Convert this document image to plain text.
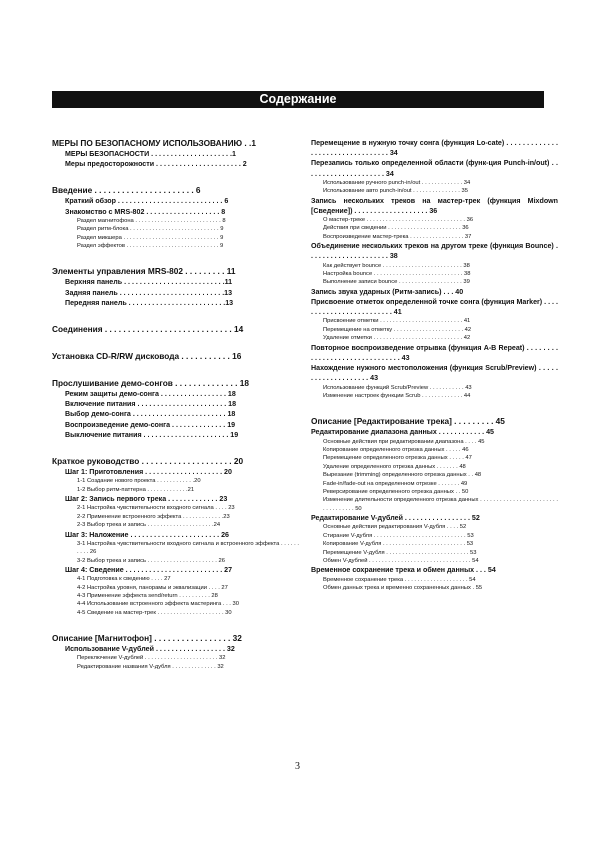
Содержание
МЕРЫ ПО БЕЗОПАСНОМУ ИСПОЛЬЗОВАНИЮ . .1
МЕРЫ БЕЗОПАСНОСТИ . . . . . . . . . . . . . . . . . . . . .1
Меры предосторожности . . . . . . . . . . . . . . . . . . . . . . 2
Введение . . . . . . . . . . . . . . . . . . . . . . 6
Краткий обзор . . . . . . . . . . . . . . . . . . . . . . . . . . . 6
Знакомство с MRS-802 . . . . . . . . . . . . . . . . . . . 8
Раздел магнитофона . . . . . . . . . . . . . . . . . . . . . . . . . . . 8
Раздел ритм-блока . . . . . . . . . . . . . . . . . . . . . . . . . . . . 9
Раздел микшера . . . . . . . . . . . . . . . . . . . . . . . . . . . . . . 9
Раздел эффектов . . . . . . . . . . . . . . . . . . . . . . . . . . . . . 9
Элементы управления MRS-802 . . . . . . . . . 11
Верхняя панель . . . . . . . . . . . . . . . . . . . . . . . . . .11
Задняя панель . . . . . . . . . . . . . . . . . . . . . . . . . . .13
Передняя панель . . . . . . . . . . . . . . . . . . . . . . . . .13
Соединения . . . . . . . . . . . . . . . . . . . . . . . . . . . . 14
Установка CD-R/RW дисковода . . . . . . . . . . . 16
Прослушивание демо-сонгов . . . . . . . . . . . . . . 18
Режим защиты демо-сонга . . . . . . . . . . . . . . . . . 18
Включение питания . . . . . . . . . . . . . . . . . . . . . . . 18
Выбор демо-сонга . . . . . . . . . . . . . . . . . . . . . . . . 18
Воспроизведение демо-сонга . . . . . . . . . . . . . . 19
Выключение питания . . . . . . . . . . . . . . . . . . . . . . 19
Краткое руководство . . . . . . . . . . . . . . . . . . . . 20
Шаг 1: Приготовления . . . . . . . . . . . . . . . . . . . . 20
1-1 Создание нового проекта . . . . . . . . . . . .20
1-2 Выбор ритм-паттерна . . . . . . . . . . . . .21
Шаг 2: Запись первого трека . . . . . . . . . . . . . 23
2-1 Настройка чувствительности входного сигнала . . . . 23
2-2 Применение встроенного эффекта . . . . . . . . . . . . .23
2-3 Выбор трека и запись . . . . . . . . . . . . . . . . . . . . .24
Шаг 3: Наложение . . . . . . . . . . . . . . . . . . . . . . . 26
3-1 Настройка чувствительности входного сигнала и встроенного эффекта . . . . . . . . . . 26
3-2 Выбор трека и запись . . . . . . . . . . . . . . . . . . . . . . 26
Шаг 4: Сведение . . . . . . . . . . . . . . . . . . . . . . . . . 27
4-1 Подготовка к сведению . . . . 27
4-2 Настройка уровня, панорамы и эквализации . . . . 27
4-3 Применение эффекта send/return . . . . . . . . . . 28
4-4 Использование встроенного эффекта мастеринга . . . 30
4-5 Сведение на мастер-трек . . . . . . . . . . . . . . . . . . . . . 30
Описание [Магнитофон] . . . . . . . . . . . . . . . . . 32
Использование V-дублей . . . . . . . . . . . . . . . . . . 32
Переключение V-дублей . . . . . . . . . . . . . . . . . . . . . . . 32
Редактирование названия V-дубля . . . . . . . . . . . . . . 32
Перемещение в нужную точку сонга (функция Lo-cate) . . . . . . . . . . . . . . . . . . . . . . . . . . . . . . . . . 34
Перезапись только определенной области (функ-ция Punch-in/out) . . . . . . . . . . . . . . . . . . . . . 34
Использование ручного punch-in/out . . . . . . . . . . . . . 34
Использование авто punch-in/out . . . . . . . . . . . . . . . 35
Запись нескольких треков на мастер-трек (функция Mixdown [Сведение]) . . . . . . . . . . . . . . . . . . . 36
О мастер-треке . . . . . . . . . . . . . . . . . . . . . . . . . . . . . . . 36
Действия при сведении . . . . . . . . . . . . . . . . . . . . . . . 36
Воспроизведение мастер-трека . . . . . . . . . . . . . . . . . 37
Объединение нескольких треков на другом треке (функция Bounce) . . . . . . . . . . . . . . . . . . . . . 38
Как действует bounce . . . . . . . . . . . . . . . . . . . . . . . . . 38
Настройка bounce . . . . . . . . . . . . . . . . . . . . . . . . . . . . 38
Выполнение записи bounce . . . . . . . . . . . . . . . . . . . . 39
Запись звука ударных (Ритм-запись) . . . 40
Присвоение отметок определенной точке сонга (функция Marker) . . . . . . . . . . . . . . . . . . . . . . . . . 41
Присвоение отметки . . . . . . . . . . . . . . . . . . . . . . . . . . 41
Перемещение на отметку . . . . . . . . . . . . . . . . . . . . . . 42
Удаление отметки . . . . . . . . . . . . . . . . . . . . . . . . . . . . 42
Повторное воспроизведение отрывка (функция A-B Repeat) . . . . . . . . . . . . . . . . . . . . . . . . . . . . . . . 43
Нахождение нужного местоположения (функция Scrub/Preview) . . . . . . . . . . . . . . . . . . . . 43
Использование функций Scrub/Preview . . . . . . . . . . . 43
Изменение настроек функции Scrub . . . . . . . . . . . . . 44
Описание [Редактирование трека] . . . . . . . . . 45
Редактирование диапазона данных . . . . . . . . . . . . 45
Основные действия при редактировании диапазона . . . . 45
Копирование определенного отрезка данных . . . . . 46
Перемещение определенного отрезка данных . . . . . 47
Удаление определенного отрезка данных . . . . . . . 48
Вырезание (trimming) определенного отрезка данных . . 48
Fade-in/fade-out на определенном отрезке . . . . . . . 49
Реверсирование определенного отрезка данных . . 50
Изменение длительности определенного отрезка данных . . . . . . . . . . . . . . . . . . . . . . . . . . . . . . . . . . 50
Редактирование V-дублей . . . . . . . . . . . . . . . . . 52
Основные действия редактирования V-дубля . . . . 52
Стирание V-дубля . . . . . . . . . . . . . . . . . . . . . . . . . . . . . 53
Копирование V-дубля . . . . . . . . . . . . . . . . . . . . . . . . . . 53
Перемещение V-дубля . . . . . . . . . . . . . . . . . . . . . . . . . . 53
Обмен V-дублей . . . . . . . . . . . . . . . . . . . . . . . . . . . . . . . . 54
Временное сохранение трека и обмен данных . . . 54
Временное сохранение трека . . . . . . . . . . . . . . . . . . . . 54
Обмен данных трека и временно сохраненных данных . 55
3
